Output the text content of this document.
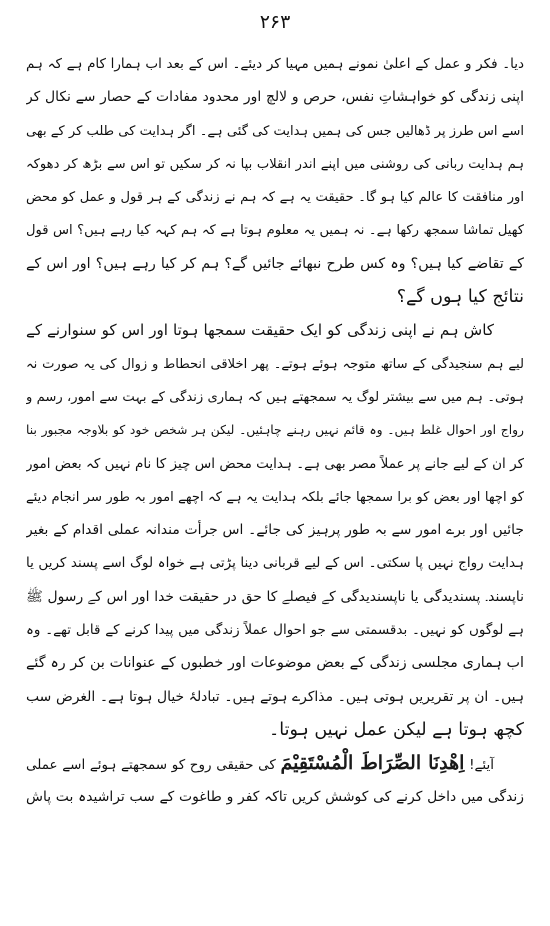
۲۶۳
دیا۔ فکر و عمل کے اعلیٰ نمونے ہمیں مہیا کر دیئے۔ اس کے بعد اب ہمارا کام ہے کہ ہم
اپنی زندگی کو خواہشاتِ نفس، حرص و لالچ اور محدود مفادات کے حصار سے نکال کر
اسے اس طرز پر ڈھالیں جس کی ہمیں ہدایت کی گئی ہے۔ اگر ہدایت کی طلب کر کے بھی
ہم ہدایت ربانی کی روشنی میں اپنے اندر انقلاب بپا نہ کر سکیں تو اس سے بڑھ کر دھوکہ
اور منافقت کا عالم کیا ہو گا۔ حقیقت یہ ہے کہ ہم نے زندگی کے ہر قول و عمل کو محض
کھیل تماشا سمجھ رکھا ہے۔ نہ ہمیں یہ معلوم ہوتا ہے کہ ہم کہہ کیا رہے ہیں؟ اس قول
کے تقاضے کیا ہیں؟ وہ کس طرح نبھائے جائیں گے؟ ہم کر کیا رہے ہیں؟ اور اس کے
نتائج کیا ہوں گے؟
کاش ہم نے اپنی زندگی کو ایک حقیقت سمجھا ہوتا اور اس کو سنوارنے کے
لیے ہم سنجیدگی کے ساتھ متوجہ ہوئے ہوتے۔ پھر اخلاقی انحطاط و زوال کی یہ صورت نہ
ہوتی۔ ہم میں سے بیشتر لوگ یہ سمجھتے ہیں کہ ہماری زندگی کے بہت سے امور، رسم و
رواج اور احوال غلط ہیں۔ وہ قائم نہیں رہنے چاہئیں۔ لیکن ہر شخص خود کو بلاوجہ مجبور بنا
کر ان کے لیے جانے پر عملاً مصر بھی ہے۔ ہدایت محض اس چیز کا نام نہیں کہ بعض امور
کو اچھا اور بعض کو برا سمجھا جائے بلکہ ہدایت یہ ہے کہ اچھے امور بہ طور سر انجام دیئے
جائیں اور برے امور سے بہ طور پرہیز کی جائے۔ اس جرأت مندانہ عملی اقدام کے بغیر
ہدایت رواج نہیں پا سکتی۔ اس کے لیے قربانی دینا پڑتی ہے خواہ لوگ اسے پسند کریں یا
ناپسند۔ پسندیدگی یا ناپسندیدگی کے فیصلے کا حق در حقیقت خدا اور اس کے رسول ﷺ
ہے لوگوں کو نہیں۔ بدقسمتی سے جو احوال عملاً زندگی میں پیدا کرنے کے قابل تھے۔ وہ
اب ہماری مجلسی زندگی کے بعض موضوعات اور خطبوں کے عنوانات بن کر رہ گئے
ہیں۔ ان پر تقریریں ہوتی ہیں۔ مذاکرے ہوتے ہیں۔ تبادلۂ خیال ہوتا ہے۔ الغرض سب
کچھ ہوتا ہے لیکن عمل نہیں ہوتا۔
آیئے! اِهْدِنَا الصِّرَاطَ الْمُسْتَقِيْمَ کی حقیقی روح کو سمجھتے ہوئے اسے عملی
زندگی میں داخل کرنے کی کوشش کریں تاکہ کفر و طاغوت کے سب تراشیدہ بت پاش
